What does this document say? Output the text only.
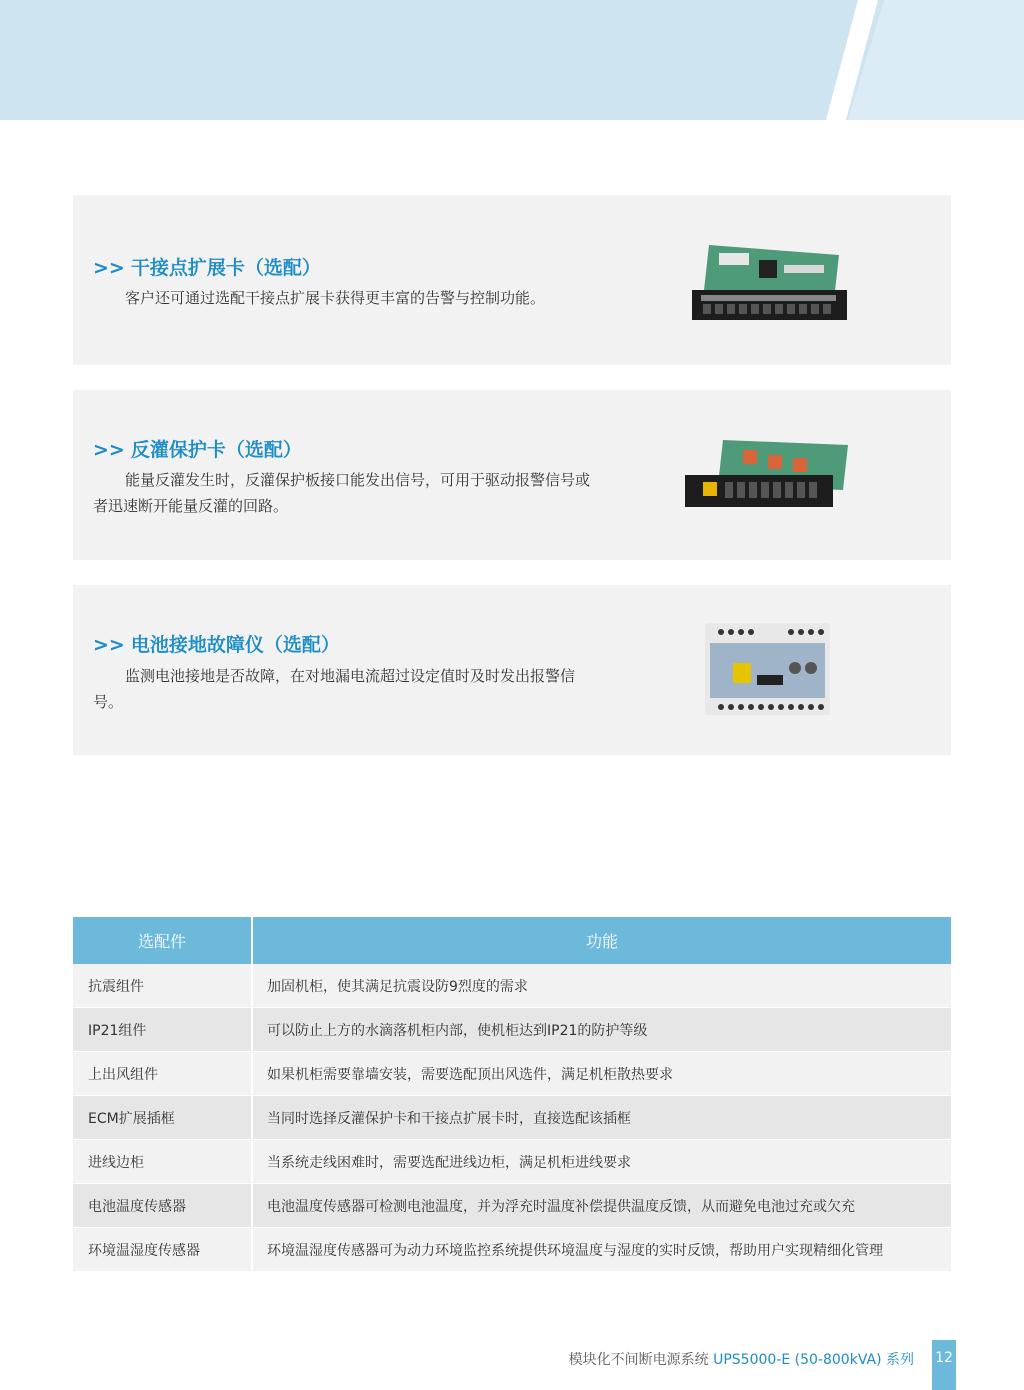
>> 干接点扩展卡（选配）
客户还可通过选配干接点扩展卡获得更丰富的告警与控制功能。
>> 反灌保护卡（选配）
能量反灌发生时，反灌保护板接口能发出信号，可用于驱动报警信号或者迅速断开能量反灌的回路。
>> 电池接地故障仪（选配）
监测电池接地是否故障，在对地漏电流超过设定值时及时发出报警信号。
选配件	功能
抗震组件	加固机柜，使其满足抗震设防9烈度的需求
IP21组件	可以防止上方的水滴落机柜内部，使机柜达到IP21的防护等级
上出风组件	如果机柜需要靠墙安装，需要选配顶出风选件，满足机柜散热要求
ECM扩展插框	当同时选择反灌保护卡和干接点扩展卡时，直接选配该插框
进线边柜	当系统走线困难时，需要选配进线边柜，满足机柜进线要求
电池温度传感器	电池温度传感器可检测电池温度，并为浮充时温度补偿提供温度反馈，从而避免电池过充或欠充
环境温湿度传感器	环境温湿度传感器可为动力环境监控系统提供环境温度与湿度的实时反馈，帮助用户实现精细化管理
模块化不间断电源系统 UPS5000-E (50-800kVA) 系列 12
